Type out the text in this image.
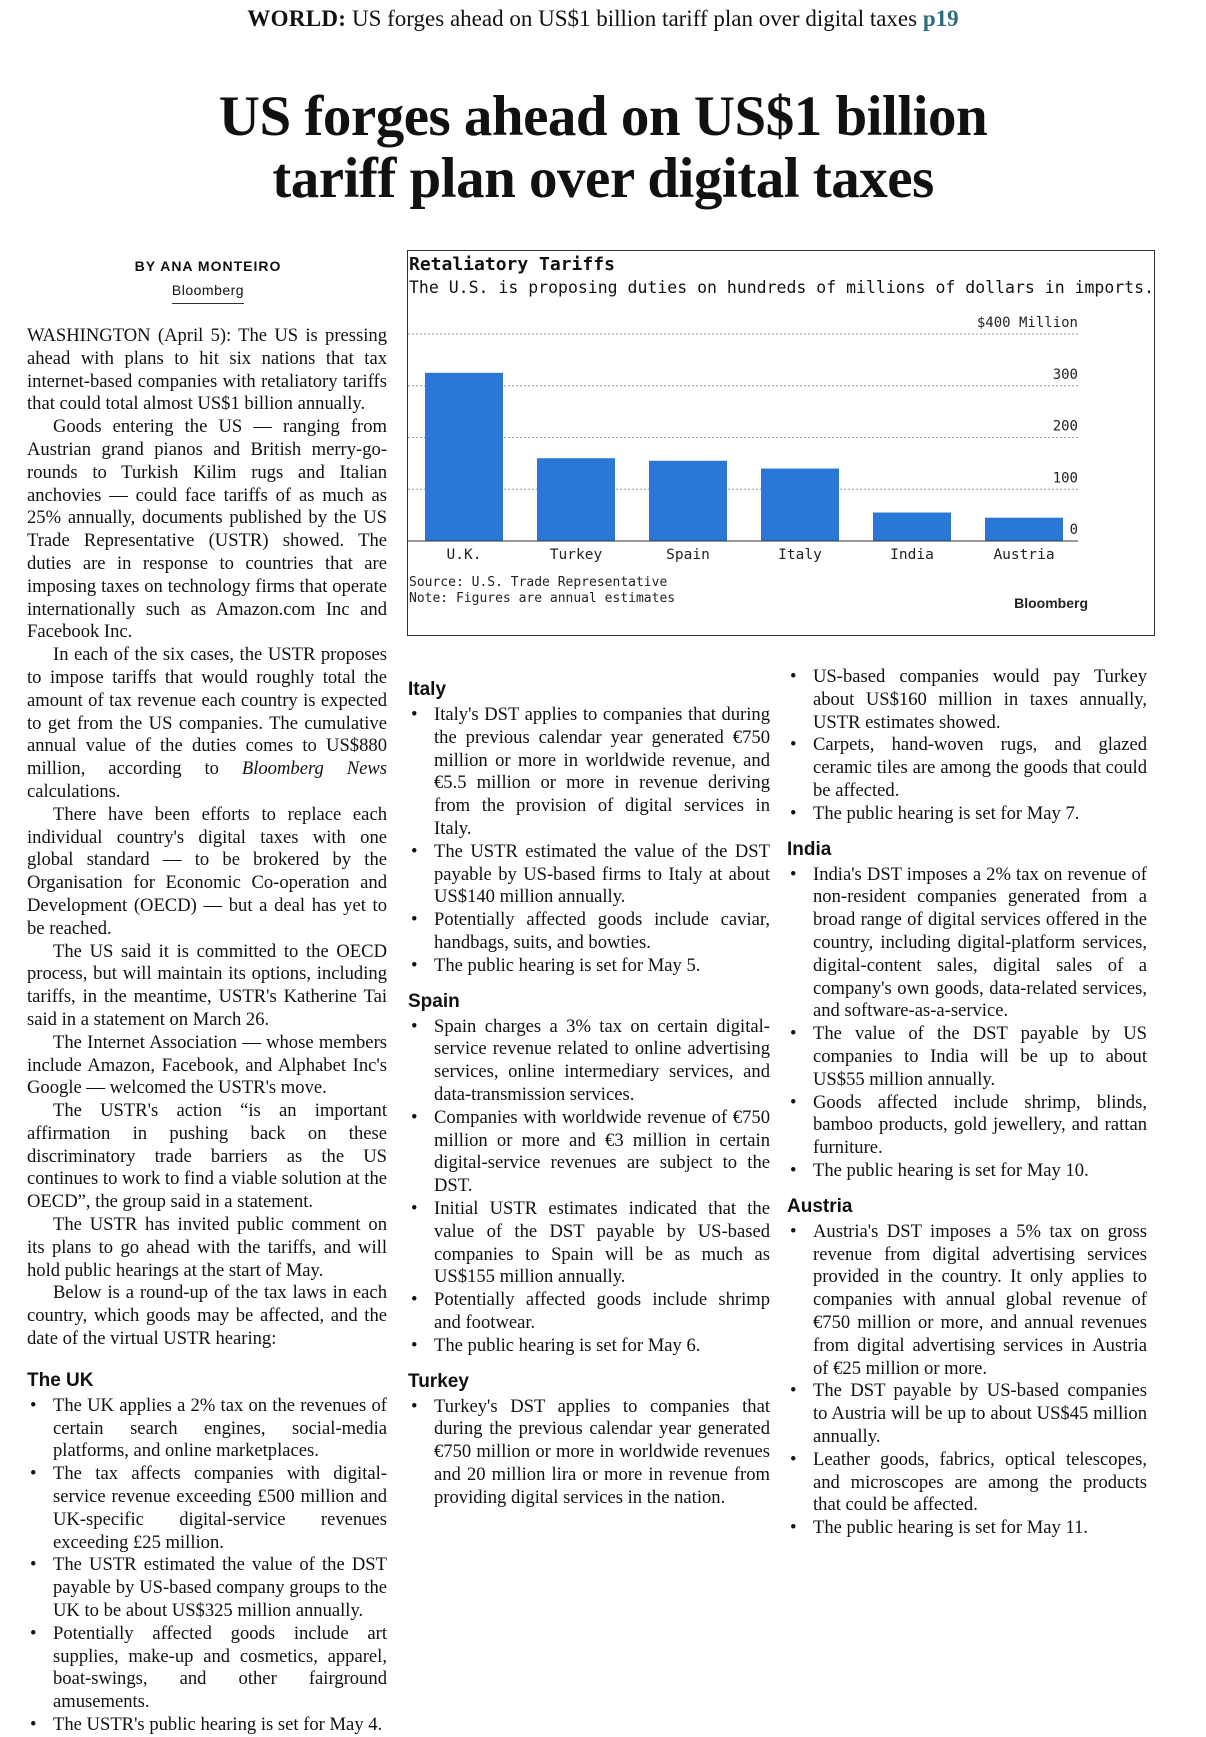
WORLD: US forges ahead on US$1 billion tariff plan over digital taxes p19
US forges ahead on US$1 billion
tariff plan over digital taxes
BY ANA MONTEIRO
Bloomberg
Retaliatory Tariffs
The U.S. is proposing duties on hundreds of millions of dollars in imports.
0
100
200
300
$400 Million
U.K.	Turkey	Spain	Italy	India	Austria
Source: U.S. Trade Representative
Note: Figures are annual estimates	Bloomberg

WASHINGTON (April 5): The US is pressing ahead with plans to hit six nations that tax internet-based companies with retaliatory tariffs that could total almost US$1 billion annually.

Goods entering the US — ranging from Austrian grand pianos and British merry-go-rounds to Turkish Kilim rugs and Italian anchovies — could face tariffs of as much as 25% annually, documents published by the US Trade Representative (USTR) showed. The duties are in response to countries that are imposing taxes on technology firms that operate internationally such as Amazon.com Inc and Facebook Inc.

In each of the six cases, the USTR proposes to impose tariffs that would roughly total the amount of tax revenue each country is expected to get from the US companies. The cumulative annual value of the duties comes to US$880 million, according to Bloomberg News calculations.

There have been efforts to replace each individual country's digital taxes with one global standard — to be brokered by the Organisation for Economic Co-operation and Development (OECD) — but a deal has yet to be reached.

The US said it is committed to the OECD process, but will maintain its options, including tariffs, in the meantime, USTR's Katherine Tai said in a statement on March 26.

The Internet Association — whose members include Amazon, Facebook, and Alphabet Inc's Google — welcomed the USTR's move.

The USTR's action “is an important affirmation in pushing back on these discriminatory trade barriers as the US continues to work to find a viable solution at the OECD”, the group said in a statement.

The USTR has invited public comment on its plans to go ahead with the tariffs, and will hold public hearings at the start of May.

Below is a round-up of the tax laws in each country, which goods may be affected, and the date of the virtual USTR hearing:

The UK
• The UK applies a 2% tax on the revenues of certain search engines, social-media platforms, and online marketplaces.
• The tax affects companies with digital-service revenue exceeding £500 million and UK-specific digital-service revenues exceeding £25 million.
• The USTR estimated the value of the DST payable by US-based company groups to the UK to be about US$325 million annually.
• Potentially affected goods include art supplies, make-up and cosmetics, apparel, boat-swings, and other fairground amusements.
• The USTR's public hearing is set for May 4.
Italy
• Italy's DST applies to companies that during the previous calendar year generated €750 million or more in worldwide revenue, and €5.5 million or more in revenue deriving from the provision of digital services in Italy.
• The USTR estimated the value of the DST payable by US-based firms to Italy at about US$140 million annually.
• Potentially affected goods include caviar, handbags, suits, and bowties.
• The public hearing is set for May 5.
Spain
• Spain charges a 3% tax on certain digital-service revenue related to online advertising services, online intermediary services, and data-transmission services.
• Companies with worldwide revenue of €750 million or more and €3 million in certain digital-service revenues are subject to the DST.
• Initial USTR estimates indicated that the value of the DST payable by US-based companies to Spain will be as much as US$155 million annually.
• Potentially affected goods include shrimp and footwear.
• The public hearing is set for May 6.
Turkey
• Turkey's DST applies to companies that during the previous calendar year generated €750 million or more in worldwide revenues and 20 million lira or more in revenue from providing digital services in the nation.
• US-based companies would pay Turkey about US$160 million in taxes annually, USTR estimates showed.
• Carpets, hand-woven rugs, and glazed ceramic tiles are among the goods that could be affected.
• The public hearing is set for May 7.
India
• India's DST imposes a 2% tax on revenue of non-resident companies generated from a broad range of digital services offered in the country, including digital-platform services, digital-content sales, digital sales of a company's own goods, data-related services, and software-as-a-service.
• The value of the DST payable by US companies to India will be up to about US$55 million annually.
• Goods affected include shrimp, blinds, bamboo products, gold jewellery, and rattan furniture.
• The public hearing is set for May 10.
Austria
• Austria's DST imposes a 5% tax on gross revenue from digital advertising services provided in the country. It only applies to companies with annual global revenue of €750 million or more, and annual revenues from digital advertising services in Austria of €25 million or more.
• The DST payable by US-based companies to Austria will be up to about US$45 million annually.
• Leather goods, fabrics, optical telescopes, and microscopes are among the products that could be affected.
• The public hearing is set for May 11.
